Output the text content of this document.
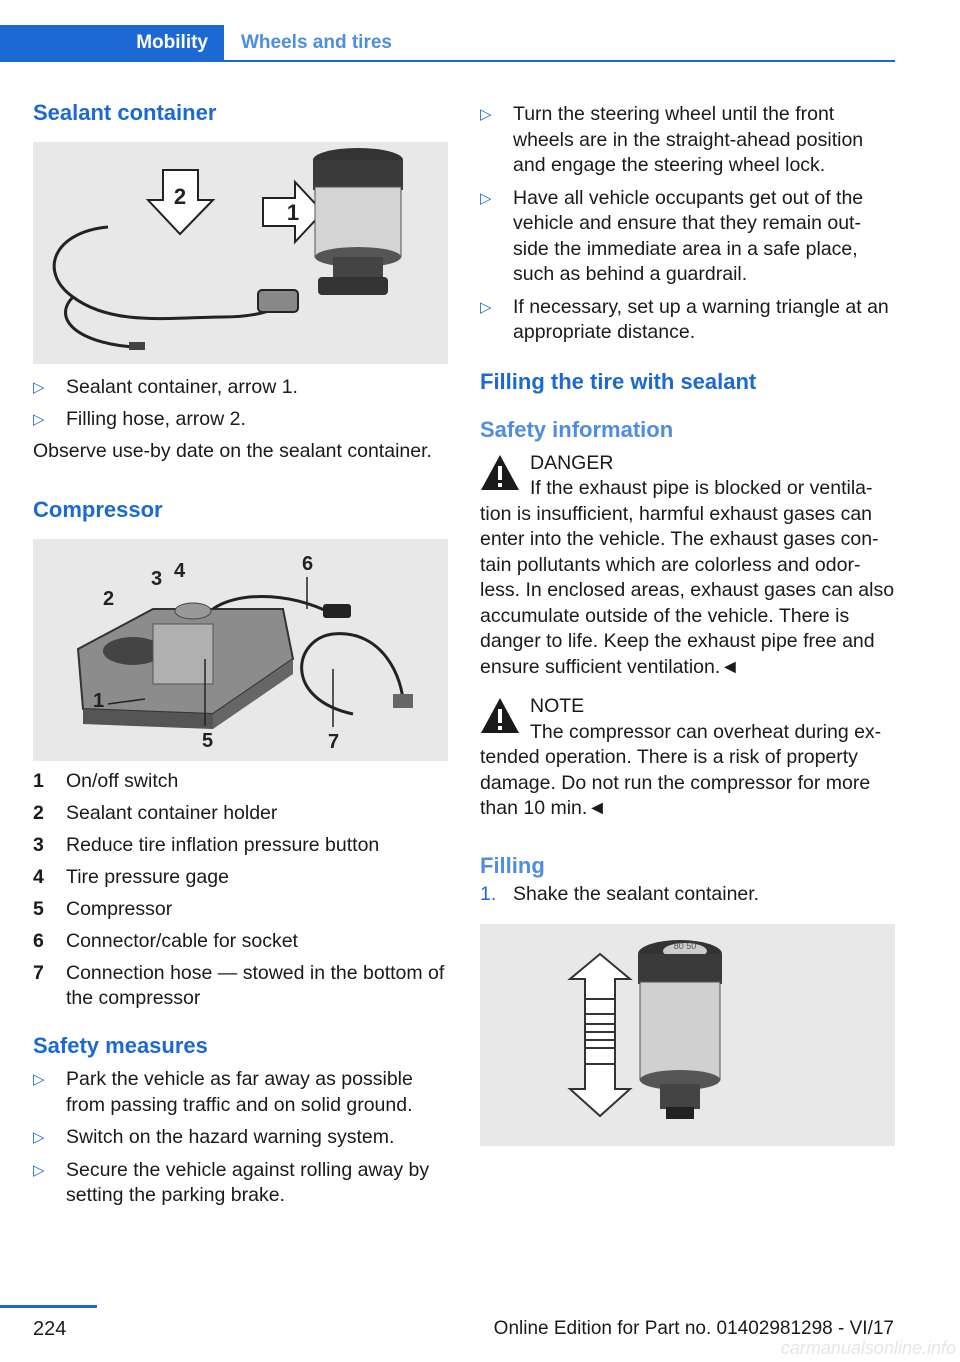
Mobility	Wheels and tires
Sealant container
2
1
▷	Sealant container, arrow 1.
▷	Filling hose, arrow 2.

Observe use-by date on the sealant container.

Compressor
1
2
3 4
5
6
7
1	On/off switch
2	Sealant container holder
3	Reduce tire inflation pressure button
4	Tire pressure gage
5	Compressor
6	Connector/cable for socket
7	Connection hose — stowed in the bottom of the compressor
Safety measures
▷	Park the vehicle as far away as possible from passing traffic and on solid ground.
▷	Switch on the hazard warning system.
▷	Secure the vehicle against rolling away by setting the parking brake.
▷	Turn the steering wheel until the front wheels are in the straight-ahead position and engage the steering wheel lock.
▷	Have all vehicle occupants get out of the vehicle and ensure that they remain out-side the immediate area in a safe place, such as behind a guardrail.
▷	If necessary, set up a warning triangle at an appropriate distance.
Filling the tire with sealant
Safety information
DANGER
If the exhaust pipe is blocked or ventila-
tion is insufficient, harmful exhaust gases can enter into the vehicle. The exhaust gases con-tain pollutants which are colorless and odor-less. In enclosed areas, exhaust gases can also accumulate outside of the vehicle. There is danger to life. Keep the exhaust pipe free and ensure sufficient ventilation.◄
NOTE
The compressor can overheat during ex-
tended operation. There is a risk of property damage. Do not run the compressor for more than 10 min.◄
Filling
1. Shake the sealant container.
80 50
224	Online Edition for Part no. 01402981298 - VI/17
carmanualsonline.info
